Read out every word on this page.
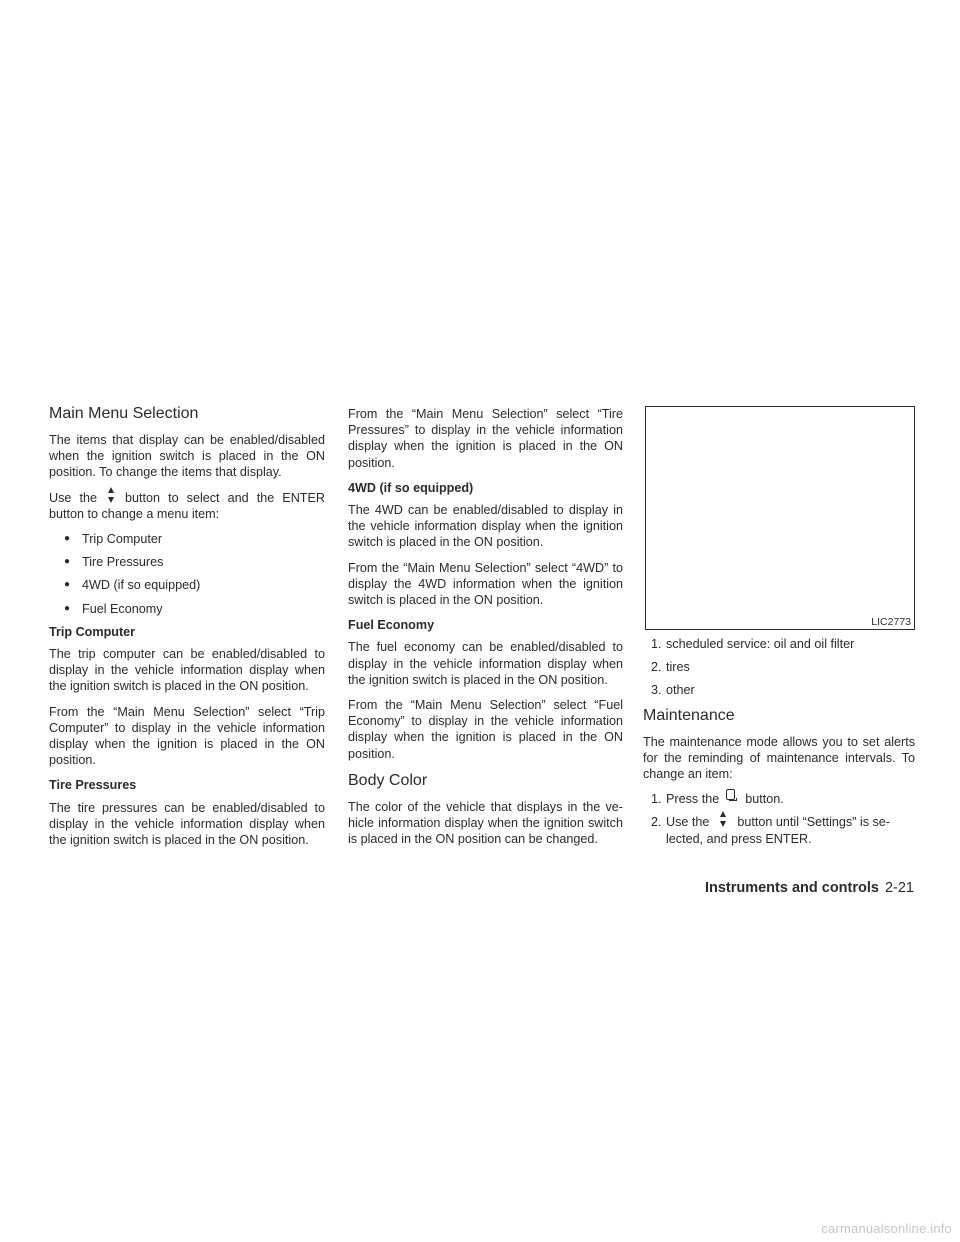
Main Menu Selection

The items that display can be enabled/disabled when the ignition switch is placed in the ON position. To change the items that display.

Use the button to select and the ENTER button to change a menu item:

● Trip Computer
● Tire Pressures
● 4WD (if so equipped)
● Fuel Economy
Trip Computer

The trip computer can be enabled/disabled to display in the vehicle information display when the ignition switch is placed in the ON position.

From the “Main Menu Selection” select “Trip Computer” to display in the vehicle information display when the ignition is placed in the ON position.

Tire Pressures

The tire pressures can be enabled/disabled to display in the vehicle information display when the ignition switch is placed in the ON position.

From the “Main Menu Selection” select “Tire Pressures” to display in the vehicle information display when the ignition is placed in the ON position.

4WD (if so equipped)

The 4WD can be enabled/disabled to display in the vehicle information display when the ignition switch is placed in the ON position.

From the “Main Menu Selection” select “4WD” to display the 4WD information when the ignition switch is placed in the ON position.

Fuel Economy

The fuel economy can be enabled/disabled to display in the vehicle information display when the ignition switch is placed in the ON position.

From the “Main Menu Selection” select “Fuel Economy” to display in the vehicle information display when the ignition is placed in the ON position.

Body Color

The color of the vehicle that displays in the ve- hicle information display when the ignition switch is placed in the ON position can be changed.

LIC2773
1. scheduled service: oil and oil filter
2. tires
3. other
Maintenance

The maintenance mode allows you to set alerts for the reminding of maintenance intervals. To change an item:

1. Press the button.
2. Use the button until “Settings” is se-
lected, and press ENTER.
Instruments and controls 2-21
carmanualsonline.info
